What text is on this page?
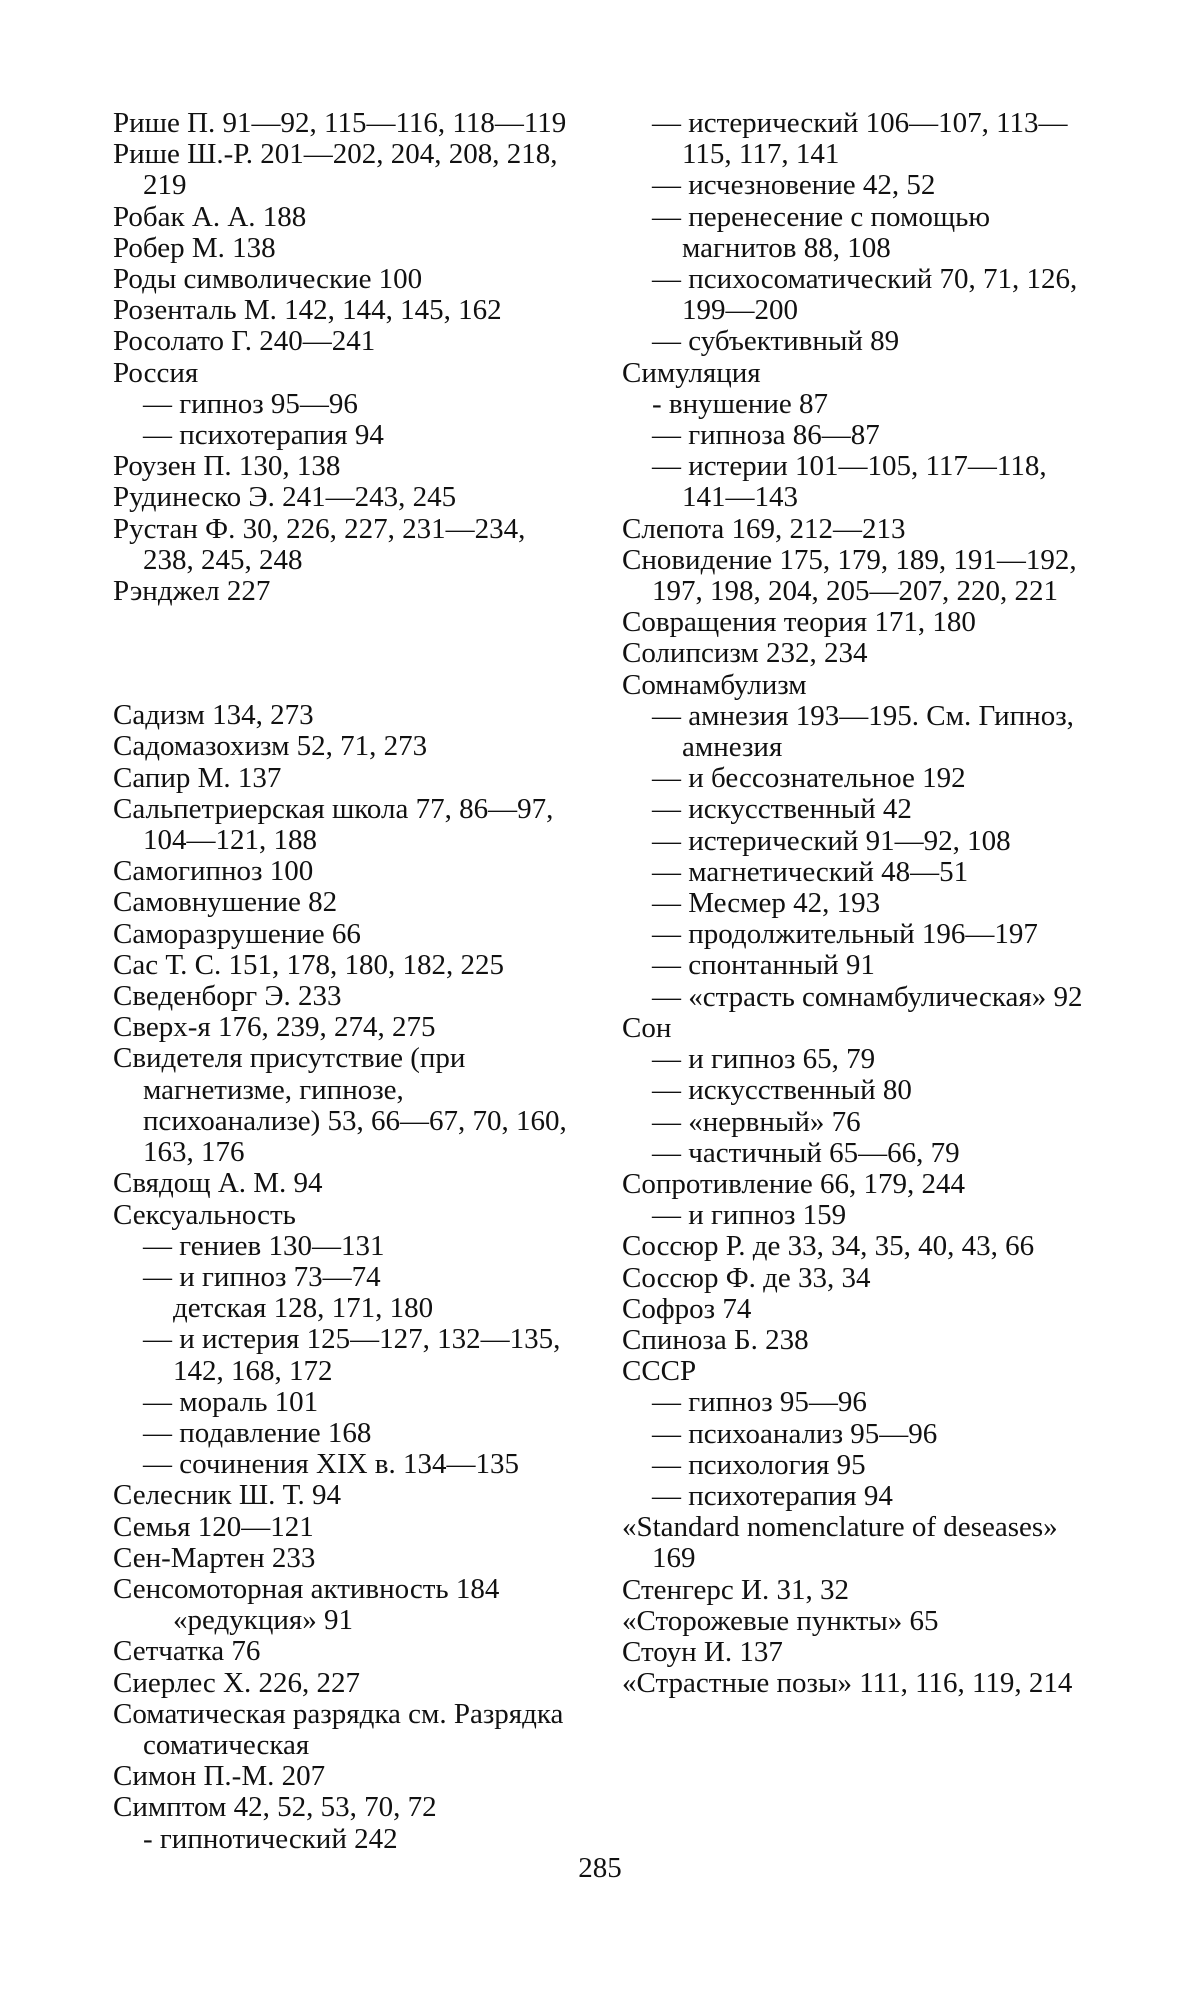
Рише П. 91—92, 115—116, 118—119

Рише Ш.-Р. 201—202, 204, 208, 218, 219

Робак А. А. 188

Робер М. 138

Роды символические 100

Розенталь М. 142, 144, 145, 162

Росолато Г. 240—241

Россия

— гипноз 95—96

— психотерапия 94

Роузен П. 130, 138

Рудинеско Э. 241—243, 245

Рустан Ф. 30, 226, 227, 231—234, 238, 245, 248

Рэнджел 227

Садизм 134, 273

Садомазохизм 52, 71, 273

Сапир М. 137

Сальпетриерская школа 77, 86—97, 104—121, 188

Самогипноз 100

Самовнушение 82

Саморазрушение 66

Сас Т. С. 151, 178, 180, 182, 225

Сведенборг Э. 233

Сверх-я 176, 239, 274, 275

Свидетеля присутствие (при магнетизме, гипнозе, психоанализе) 53, 66—67, 70, 160, 163, 176

Свядощ А. М. 94

Сексуальность

— гениев 130—131

— и гипноз 73—74

детская 128, 171, 180

— и истерия 125—127, 132—135, 142, 168, 172

— мораль 101

— подавление 168

— сочинения XIX в. 134—135

Селесник Ш. Т. 94

Семья 120—121

Сен-Мартен 233

Сенсомоторная активность 184

«редукция» 91

Сетчатка 76

Сиерлес Х. 226, 227

Соматическая разрядка см. Разрядка соматическая

Симон П.-М. 207

Симптом 42, 52, 53, 70, 72

- гипнотический 242

— истерический 106—107, 113—115, 117, 141

— исчезновение 42, 52

— перенесение с помощью магнитов 88, 108

— психосоматический 70, 71, 126, 199—200

— субъективный 89

Симуляция

- внушение 87

— гипноза 86—87

— истерии 101—105, 117—118, 141—143

Слепота 169, 212—213

Сновидение 175, 179, 189, 191—192, 197, 198, 204, 205—207, 220, 221

Совращения теория 171, 180

Солипсизм 232, 234

Сомнамбулизм

— амнезия 193—195. См. Гипноз, амнезия

— и бессознательное 192

— искусственный 42

— истерический 91—92, 108

— магнетический 48—51

— Месмер 42, 193

— продолжительный 196—197

— спонтанный 91

— «страсть сомнамбулическая» 92

Сон

— и гипноз 65, 79

— искусственный 80

— «нервный» 76

— частичный 65—66, 79

Сопротивление 66, 179, 244

— и гипноз 159

Соссюр Р. де 33, 34, 35, 40, 43, 66

Соссюр Ф. де 33, 34

Софроз 74

Спиноза Б. 238

СССР

— гипноз 95—96

— психоанализ 95—96

— психология 95

— психотерапия 94

«Standard nomenclature of deseases» 169

Стенгерс И. 31, 32

«Сторожевые пункты» 65

Стоун И. 137

«Страстные позы» 111, 116, 119, 214

285
